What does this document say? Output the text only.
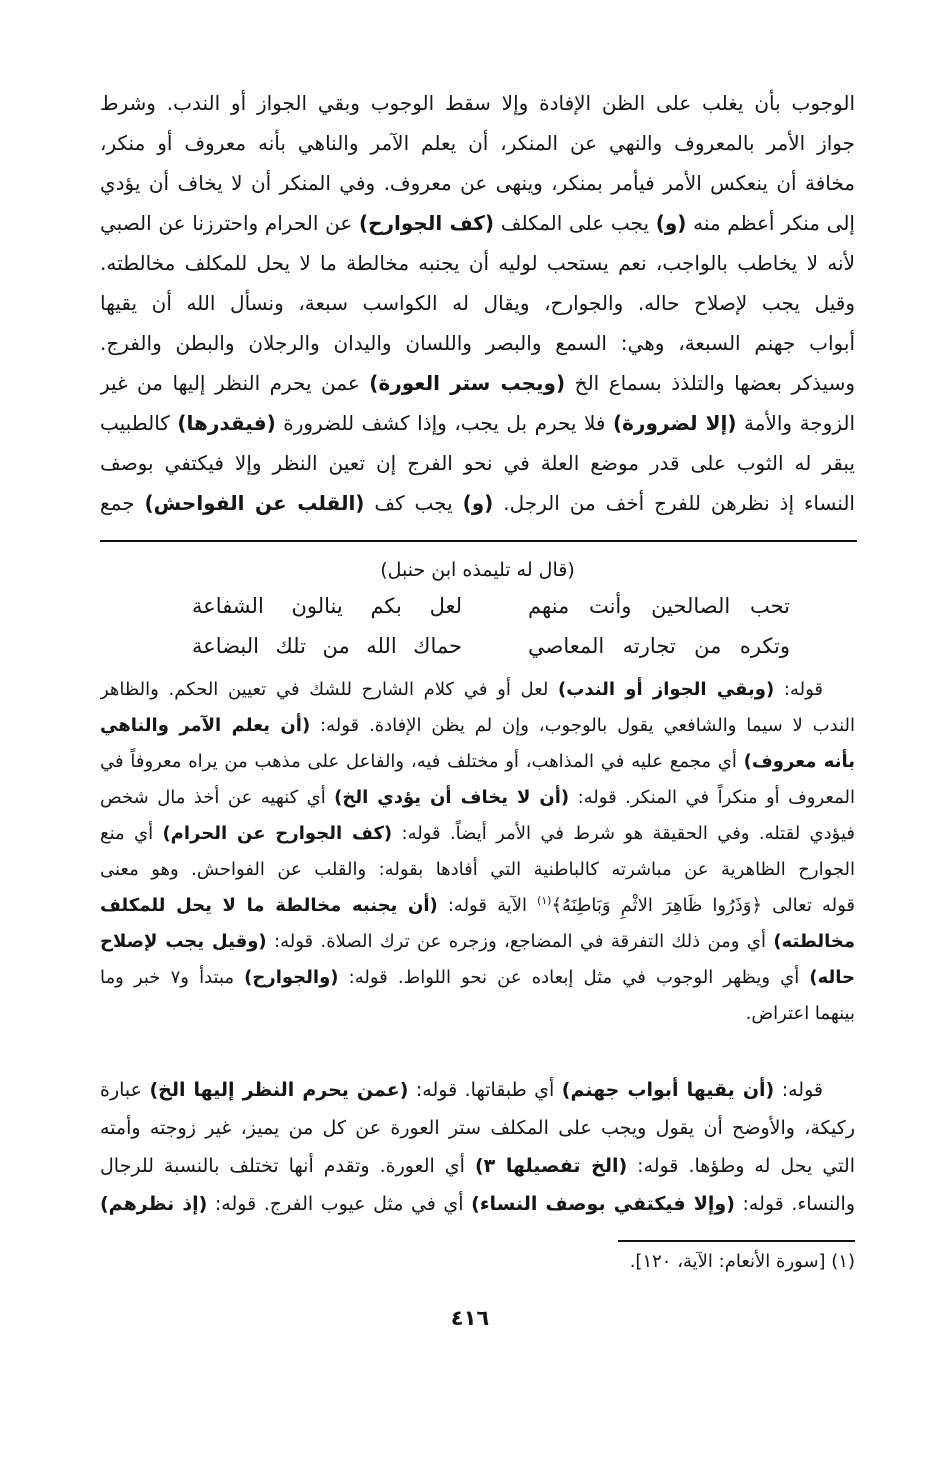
الوجوب بأن يغلب على الظن الإفادة وإلا سقط الوجوب وبقي الجواز أو الندب. وشرط
جواز الأمر بالمعروف والنهي عن المنكر، أن يعلم الآمر والناهي بأنه معروف أو منكر،
مخافة أن ينعكس الأمر فيأمر بمنكر، وينهى عن معروف. وفي المنكر أن لا يخاف أن يؤدي
إلى منكر أعظم منه (و) يجب على المكلف (كف الجوارح) عن الحرام واحترزنا عن الصبي
لأنه لا يخاطب بالواجب، نعم يستحب لوليه أن يجنبه مخالطة ما لا يحل للمكلف مخالطته.
وقيل يجب لإصلاح حاله. والجوارح، ويقال له الكواسب سبعة، ونسأل الله أن يقيها
أبواب جهنم السبعة، وهي: السمع والبصر واللسان واليدان والرجلان والبطن والفرج.
وسيذكر بعضها والتلذذ بسماع الخ (ويجب ستر العورة) عمن يحرم النظر إليها من غير
الزوجة والأمة (إلا لضرورة) فلا يحرم بل يجب، وإذا كشف للضرورة (فيقدرها) كالطبيب
يبقر له الثوب على قدر موضع العلة في نحو الفرج إن تعين النظر وإلا فيكتفي بوصف
النساء إذ نظرهن للفرج أخف من الرجل. (و) يجب كف (القلب عن الفواحش) جمع
(قال له تليمذه ابن حنبل)
تحب الصالحين وأنت منهم
لعل بكم ينالون الشفاعة
وتكره من تجارته المعاصي
حماك الله من تلك البضاعة
قوله: (وبقي الجواز أو الندب) لعل أو في كلام الشارح للشك في تعيين الحكم. والظاهر
الندب لا سيما والشافعي يقول بالوجوب، وإن لم يظن الإفادة. قوله: (أن يعلم الآمر والناهي
بأنه معروف) أي مجمع عليه في المذاهب، أو مختلف فيه، والفاعل على مذهب من يراه معروفاً في
المعروف أو منكراً في المنكر. قوله: (أن لا يخاف أن يؤدي الخ) أي كنهيه عن أخذ مال شخص
فيؤدي لقتله. وفي الحقيقة هو شرط في الأمر أيضاً. قوله: (كف الجوارح عن الحرام) أي منع
الجوارح الظاهرية عن مباشرته كالباطنية التي أفادها بقوله: والقلب عن الفواحش. وهو معنى
قوله تعالى ﴿وَذَرُوا ظَاهِرَ الاثْمِ وَبَاطِنَهُ﴾$^{(١)}$ الآية قوله: (أن يجنبه مخالطة ما لا يحل للمكلف
مخالطته) أي ومن ذلك التفرقة في المضاجع، وزجره عن ترك الصلاة. قوله: (وقيل يجب لإصلاح
حاله) أي ويظهر الوجوب في مثل إبعاده عن نحو اللواط. قوله: (والجوارح) مبتدأ و٧ خبر وما
بينهما اعتراض.
قوله: (أن يقيها أبواب جهنم) أي طبقاتها. قوله: (عمن يحرم النظر إليها الخ) عبارة
ركيكة، والأوضح أن يقول ويجب على المكلف ستر العورة عن كل من يميز، غير زوجته وأمته
التي يحل له وطؤها. قوله: (الخ تفصيلها ٣) أي العورة. وتقدم أنها تختلف بالنسبة للرجال
والنساء. قوله: (وإلا فيكتفي بوصف النساء) أي في مثل عيوب الفرج. قوله: (إذ نظرهم)
(١) [سورة الأنعام: الآية، ١٢٠].
٤١٦
